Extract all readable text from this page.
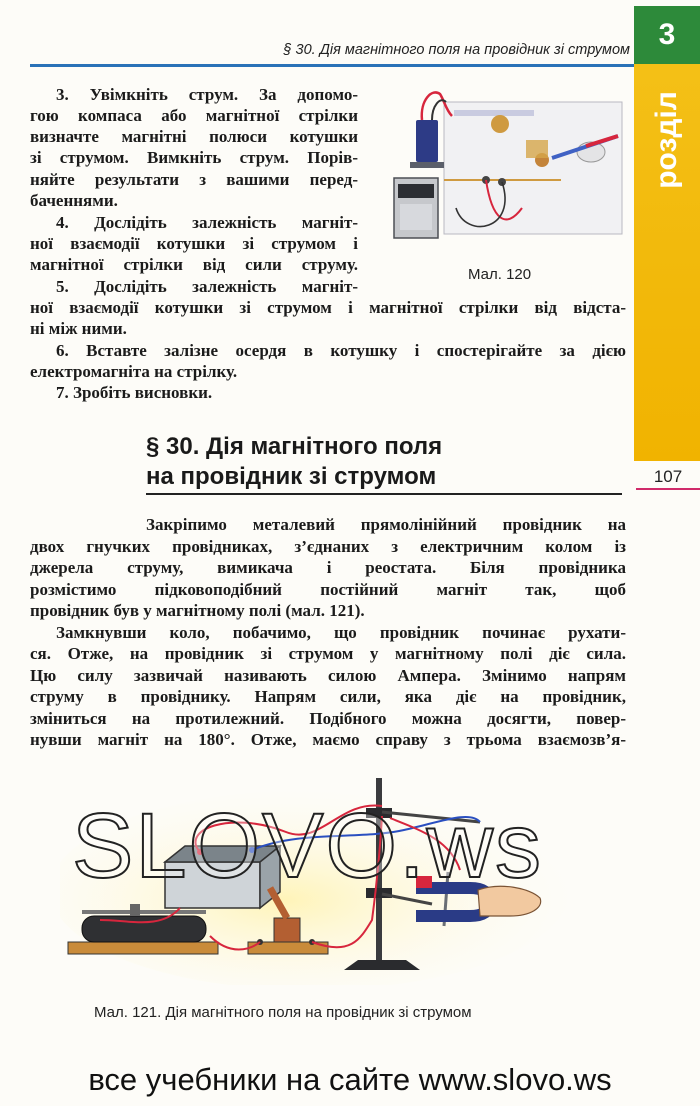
§ 30. Дія магнітного поля на провідник зі струмом 3
розділ
107
3. Увімкніть струм. За допомо-
гою компаса або магнітної стрілки
визначте магнітні полюси котушки
зі струмом. Вимкніть струм. Порів-
няйте результати з вашими перед-
баченнями.
4. Дослідіть залежність магніт-
ної взаємодії котушки зі струмом і
магнітної стрілки від сили струму.
5. Дослідіть залежність магніт-
ної взаємодії котушки зі струмом і магнітної стрілки від відста-
ні між ними.
6. Вставте залізне осердя в котушку і спостерігайте за дією
електромагніта на стрілку.
7. Зробіть висновки.
Мал. 120
§ 30. Дія магнітного поля
на провідник зі струмом
Закріпимо металевий прямолінійний провідник на
двох гнучких провідниках, з’єднаних з електричним колом із
джерела струму, вимикача і реостата. Біля провідника
розмістимо підковоподібний постійний магніт так, щоб
провідник був у магнітному полі (мал. 121).
Замкнувши коло, побачимо, що провідник починає рухати-
ся. Отже, на провідник зі струмом у магнітному полі діє сила.
Цю силу зазвичай називають силою Ампера. Змінимо напрям
струму в провіднику. Напрям сили, яка діє на провідник,
зміниться на протилежний. Подібного можна досягти, повер-
нувши магніт на 180°. Отже, маємо справу з трьома взаємозв’я-
Мал. 121. Дія магнітного поля на провідник зі струмом
SLOVO.ws
все учебники на сайте www.slovo.ws
